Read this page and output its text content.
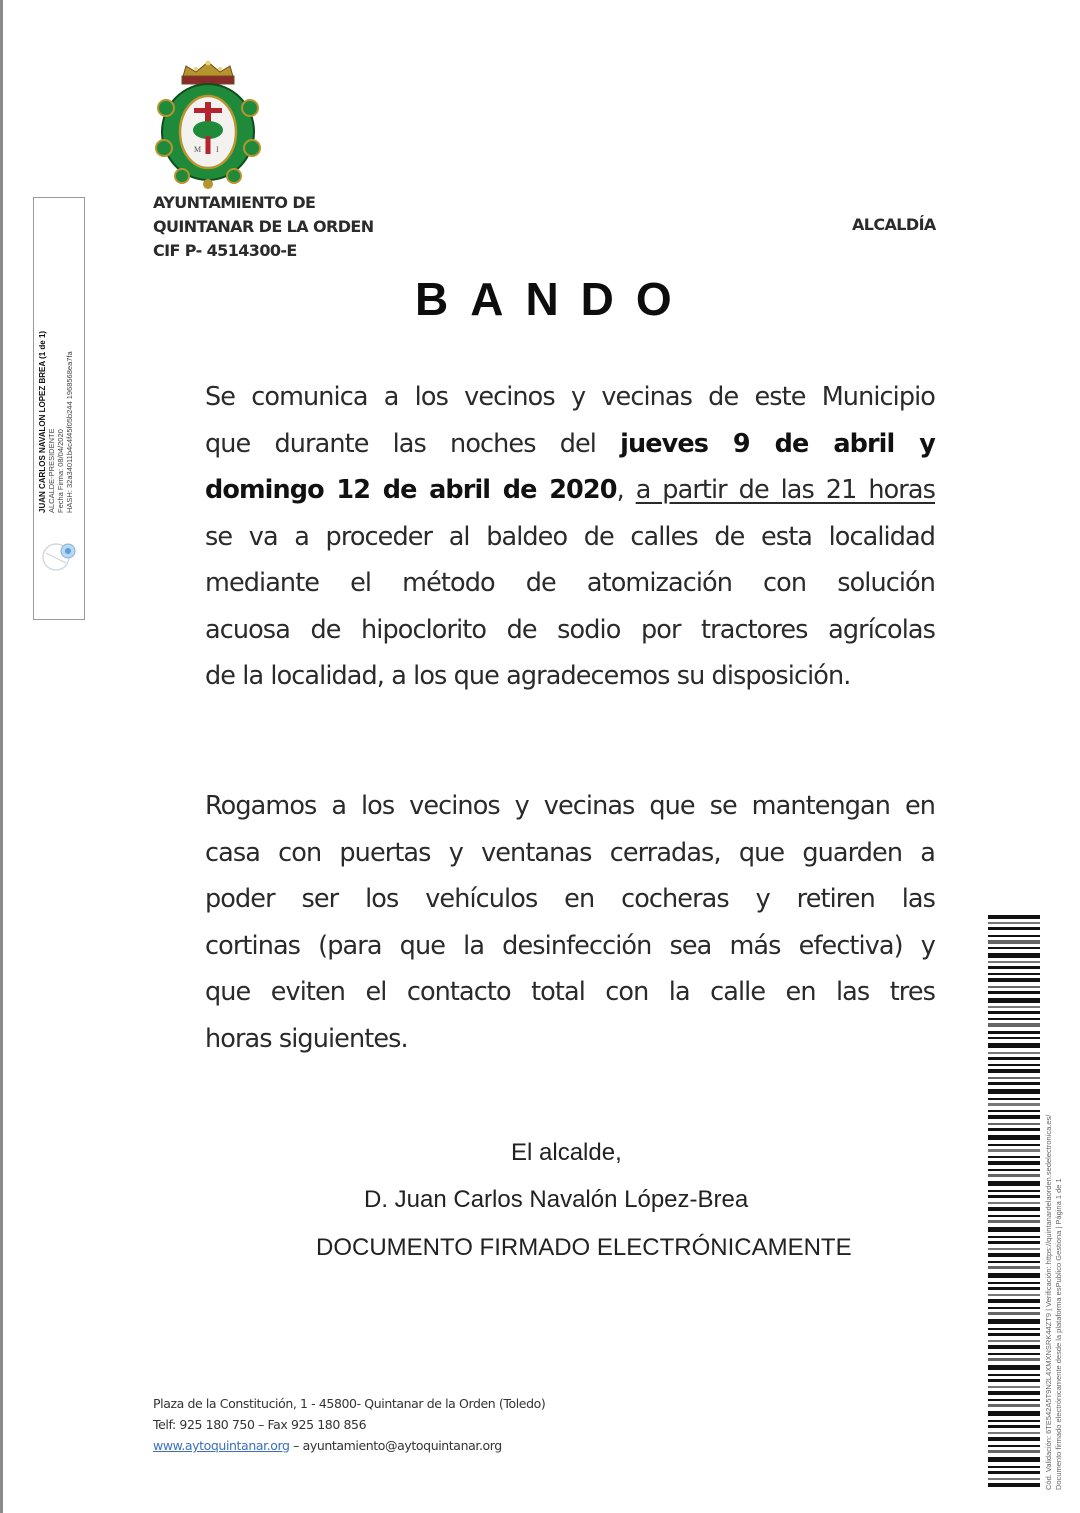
M I
AYUNTAMIENTO DE
QUINTANAR DE LA ORDEN
CIF P- 4514300-E
ALCALDÍA
BANDO
Se comunica a los vecinos y vecinas de este Municipio
que durante las noches del jueves 9 de abril y
domingo 12 de abril de 2020, a partir de las 21 horas
se va a proceder al baldeo de calles de esta localidad
mediante el método de atomización con solución
acuosa de hipoclorito de sodio por tractores agrícolas
de la localidad, a los que agradecemos su disposición.
Rogamos a los vecinos y vecinas que se mantengan en
casa con puertas y ventanas cerradas, que guarden a
poder ser los vehículos en cocheras y retiren las
cortinas (para que la desinfección sea más efectiva) y
que eviten el contacto total con la calle en las tres
horas siguientes.
El alcalde,
D. Juan Carlos Navalón López-Brea
DOCUMENTO FIRMADO ELECTRÓNICAMENTE
Plaza de la Constitución, 1 - 45800- Quintanar de la Orden (Toledo)
Telf: 925 180 750 – Fax 925 180 856
www.aytoquintanar.org – ayuntamiento@aytoquintanar.org
JUAN CARLOS NAVALON LOPEZ BREA (1 de 1) ALCALDE-PRESIDENTE Fecha Firma: 08/04/2020 HASH: 32a34011b4c4f45f05b244 1968568ea7fa
Cód. Validación: 6TE542A5T9N2L4XMXNSRK44ZT9 | Verificación: https://quintanardelaorden.sedelectronica.es/ Documento firmado electrónicamente desde la plataforma esPublico Gestiona | Página 1 de 1
